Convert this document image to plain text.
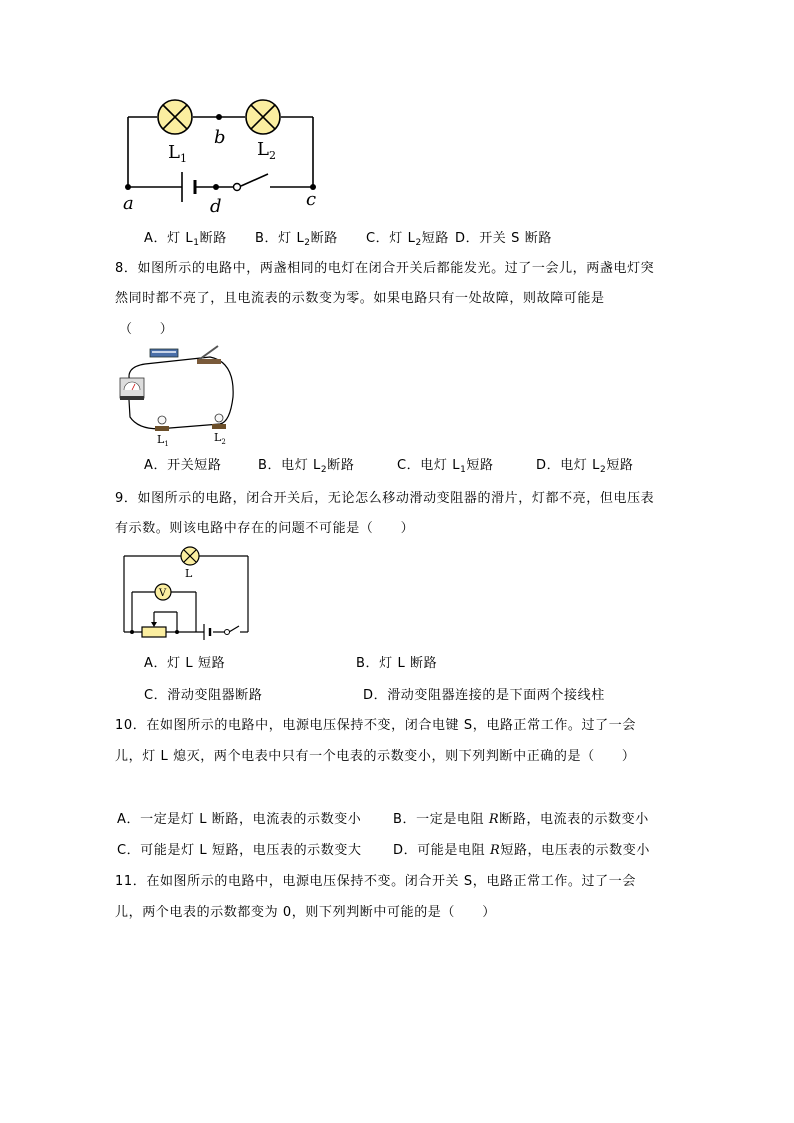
b
a	d	c
$L_1$	$L_2$
A．灯 $L_1$断路 B．灯 $L_2$断路 C．灯 $L_2$短路 D．开关 S 断路
8．如图所示的电路中，两盏相同的电灯在闭合开关后都能发光。过了一会儿，两盏电灯突
然同时都不亮了，且电流表的示数变为零。如果电路只有一处故障，则故障可能是
（　　）
$L_1$	$L_2$
A．开关短路	B．电灯 $L_2$断路	C．电灯 $L_1$短路	D．电灯 $L_2$短路
9．如图所示的电路，闭合开关后，无论怎么移动滑动变阻器的滑片，灯都不亮，但电压表
有示数。则该电路中存在的问题不可能是（　　）
L
V
A．灯 L 短路	B．灯 L 断路
C．滑动变阻器断路	D．滑动变阻器连接的是下面两个接线柱
10．在如图所示的电路中，电源电压保持不变，闭合电键 S，电路正常工作。过了一会
儿，灯 L 熄灭，两个电表中只有一个电表的示数变小，则下列判断中正确的是（　　）
A．一定是灯 L 断路，电流表的示数变小 B．一定是电阻 R断路，电流表的示数变小
C．可能是灯 L 短路，电压表的示数变大 D．可能是电阻 R短路，电压表的示数变小
11．在如图所示的电路中，电源电压保持不变。闭合开关 S，电路正常工作。过了一会
儿，两个电表的示数都变为 0，则下列判断中可能的是（　　）
